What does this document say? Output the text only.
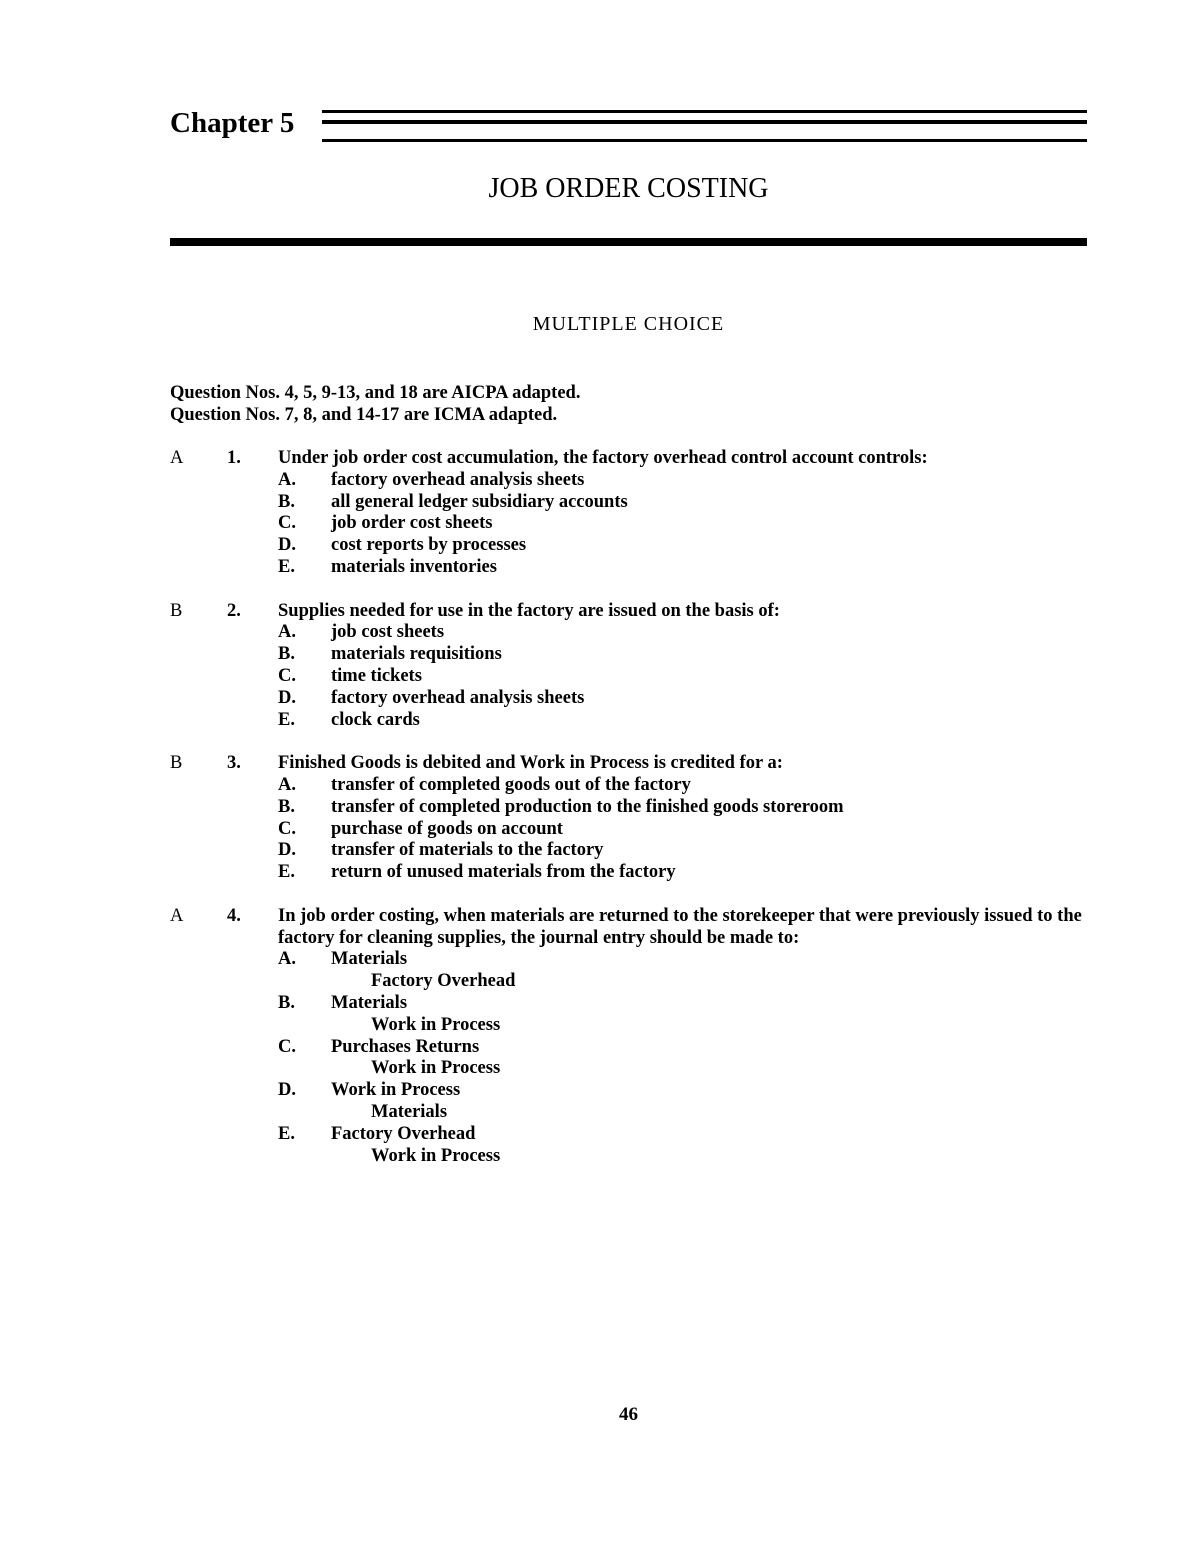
Chapter 5
JOB ORDER COSTING
MULTIPLE CHOICE
Question Nos. 4, 5, 9-13, and 18 are AICPA adapted.
Question Nos. 7, 8, and 14-17 are ICMA adapted.
A	1.	Under job order cost accumulation, the factory overhead control account controls:
A.	factory overhead analysis sheets
B.	all general ledger subsidiary accounts
C.	job order cost sheets
D.	cost reports by processes
E.	materials inventories
B	2.	Supplies needed for use in the factory are issued on the basis of:
A.	job cost sheets
B.	materials requisitions
C.	time tickets
D.	factory overhead analysis sheets
E.	clock cards
B	3.	Finished Goods is debited and Work in Process is credited for a:
A.	transfer of completed goods out of the factory
B.	transfer of completed production to the finished goods storeroom
C.	purchase of goods on account
D.	transfer of materials to the factory
E.	return of unused materials from the factory
A	4.	In job order costing, when materials are returned to the storekeeper that were previously issued to the factory for cleaning supplies, the journal entry should be made to:
A.	Materials
Factory Overhead
B.	Materials
Work in Process
C.	Purchases Returns
Work in Process
D.	Work in Process
Materials
E.	Factory Overhead
Work in Process
46
